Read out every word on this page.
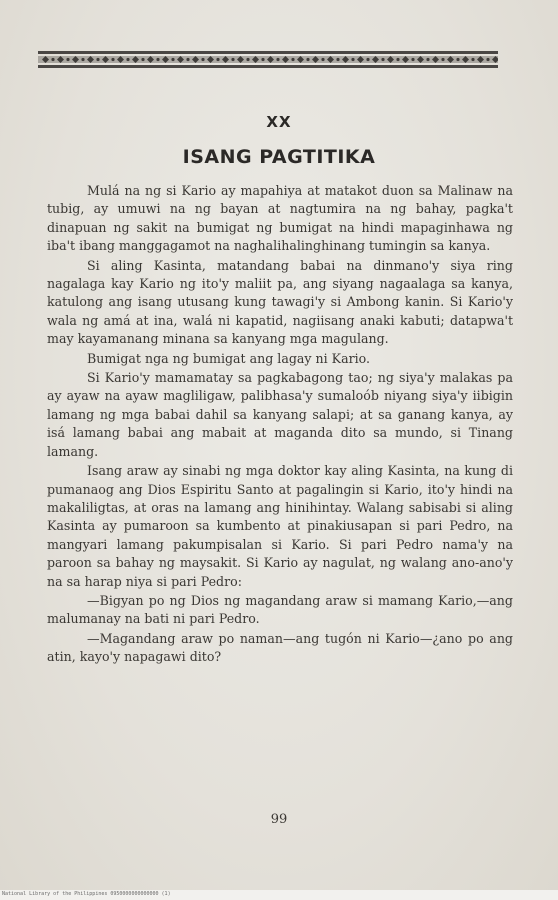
XX
ISANG PAGTITIKA

Mulá na ng si Kario ay mapahiya at matakot duon sa Malinaw na tubig, ay umuwi na ng bayan at nagtumira na ng bahay, pagka't dinapuan ng sakit na bumigat ng bumigat na hindi mapaginhawa ng iba't ibang manggagamot na naghalihalinghinang tumingin sa kanya.

Si aling Kasinta, matandang babai na dinmano'y siya ring nagalaga kay Kario ng ito'y maliit pa, ang siyang nagaalaga sa kanya, katulong ang isang utusang kung tawagi'y si Ambong kanin. Si Kario'y wala ng amá at ina, walá ni kapatid, nagiisang anaki kabuti; datapwa't may kayamanang minana sa kanyang mga magulang.

Bumigat nga ng bumigat ang lagay ni Kario.

Si Kario'y mamamatay sa pagkabagong tao; ng siya'y malakas pa ay ayaw na ayaw magliligaw, palibhasa'y sumaloób niyang siya'y iibigin lamang ng mga babai dahil sa kanyang salapi; at sa ganang kanya, ay isá lamang babai ang mabait at maganda dito sa mundo, si Tinang lamang.

Isang araw ay sinabi ng mga doktor kay aling Kasinta, na kung di pumanaog ang Dios Espiritu Santo at pagalingin si Kario, ito'y hindi na makaliligtas, at oras na lamang ang hinihintay. Walang sabisabi si aling Kasinta ay pumaroon sa kumbento at pinakiusapan si pari Pedro, na mangyari lamang pakumpisalan si Kario. Si pari Pedro nama'y na paroon sa bahay ng maysakit. Si Kario ay nagulat, ng walang ano-ano'y na sa harap niya si pari Pedro:

—Bigyan po ng Dios ng magandang araw si mamang Kario,—ang malumanay na bati ni pari Pedro.

—Magandang araw po naman—ang tugón ni Kario—¿ano po ang atin, kayo'y napagawi dito?

99
National Library of the Philippines 0950000000000000 (1)
